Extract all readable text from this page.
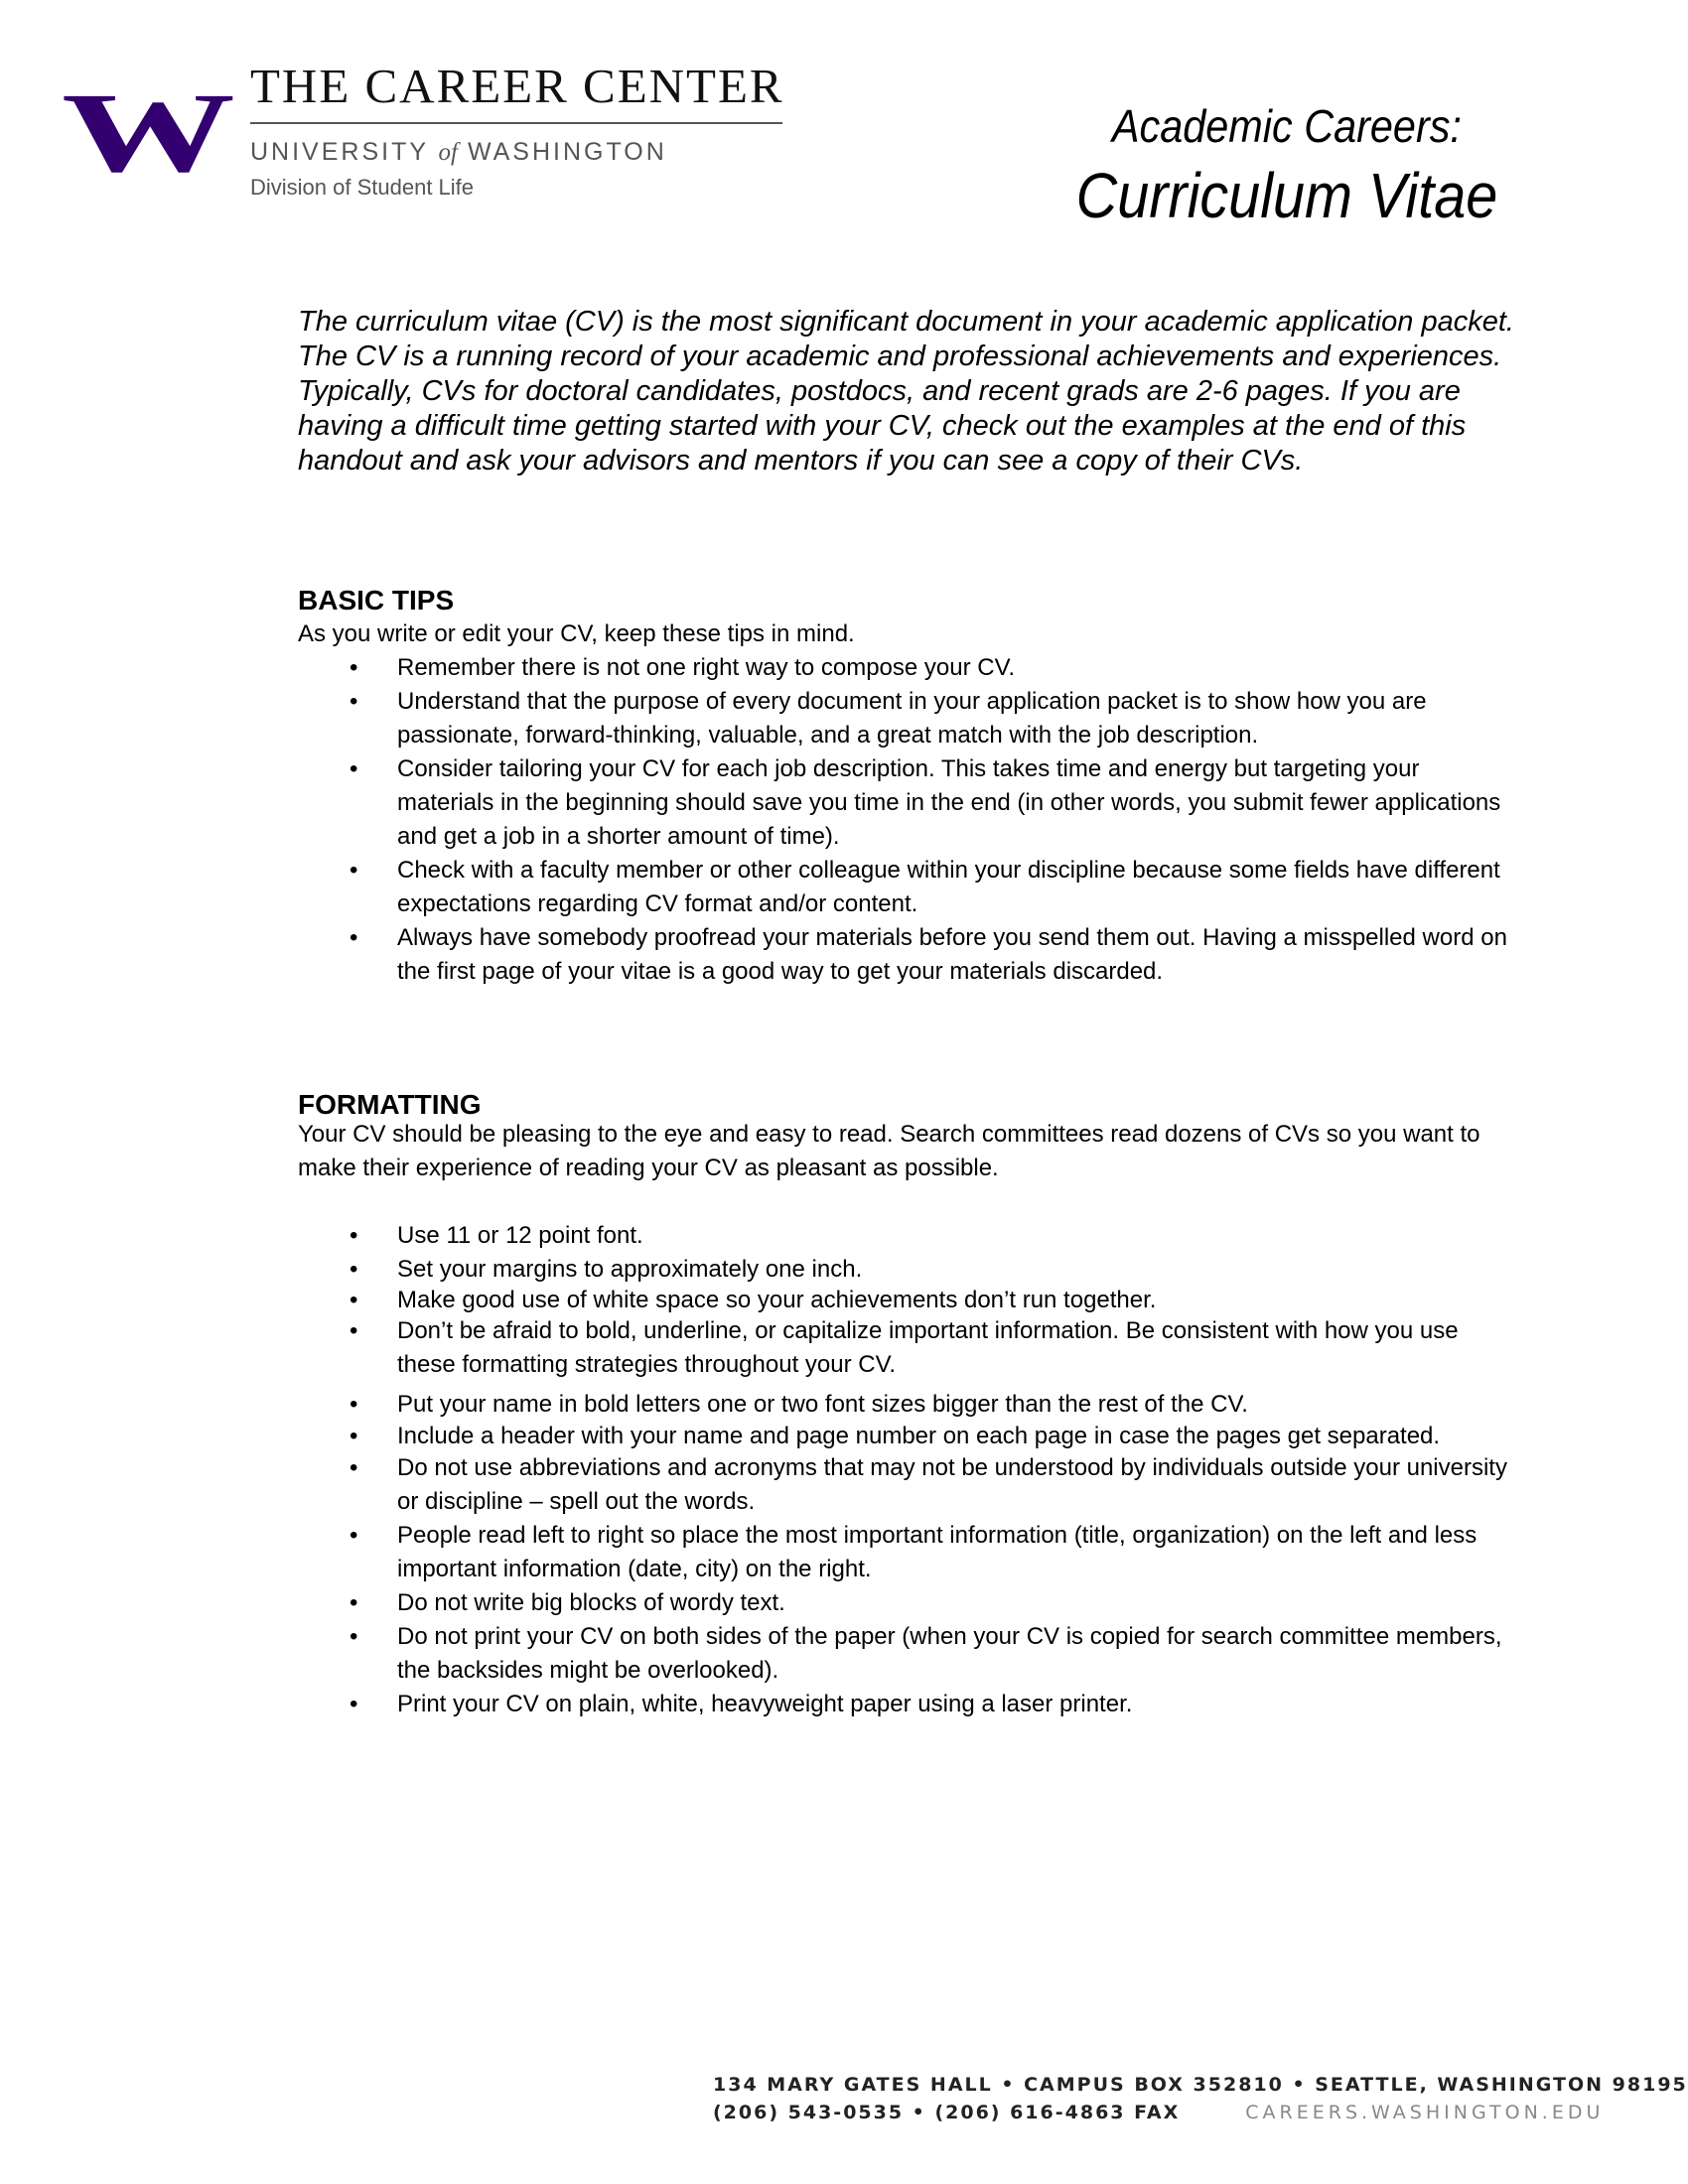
W THE CAREER CENTER
UNIVERSITY of WASHINGTON
Division of Student Life
Academic Careers:
Curriculum Vitae

The curriculum vitae (CV) is the most significant document in your academic application packet. The CV is a running record of your academic and professional achievements and experiences.

Typically, CVs for doctoral candidates, postdocs, and recent grads are 2-6 pages. If you are having a difficult time getting started with your CV, check out the examples at the end of this handout and ask your advisors and mentors if you can see a copy of their CVs.

BASIC TIPS
As you write or edit your CV, keep these tips in mind.
• Remember there is not one right way to compose your CV.
• Understand that the purpose of every document in your application packet is to show how you are passionate, forward-thinking, valuable, and a great match with the job description.
• Consider tailoring your CV for each job description. This takes time and energy but targeting your materials in the beginning should save you time in the end (in other words, you submit fewer applications and get a job in a shorter amount of time).
• Check with a faculty member or other colleague within your discipline because some fields have different expectations regarding CV format and/or content.
• Always have somebody proofread your materials before you send them out. Having a misspelled word on the first page of your vitae is a good way to get your materials discarded.
FORMATTING
Your CV should be pleasing to the eye and easy to read. Search committees read dozens of CVs so you want to make their experience of reading your CV as pleasant as possible.
• Use 11 or 12 point font.
• Set your margins to approximately one inch.
• Make good use of white space so your achievements don’t run together.
• Don’t be afraid to bold, underline, or capitalize important information. Be consistent with how you use these formatting strategies throughout your CV.
• Put your name in bold letters one or two font sizes bigger than the rest of the CV.
• Include a header with your name and page number on each page in case the pages get separated.
• Do not use abbreviations and acronyms that may not be understood by individuals outside your university or discipline – spell out the words.
• People read left to right so place the most important information (title, organization) on the left and less important information (date, city) on the right.
• Do not write big blocks of wordy text.
• Do not print your CV on both sides of the paper (when your CV is copied for search committee members, the backsides might be overlooked).
• Print your CV on plain, white, heavyweight paper using a laser printer.
134 MARY GATES HALL • CAMPUS BOX 352810 • SEATTLE, WASHINGTON 98195
(206) 543-0535 • (206) 616-4863 FAX	CAREERS.WASHINGTON.EDU
